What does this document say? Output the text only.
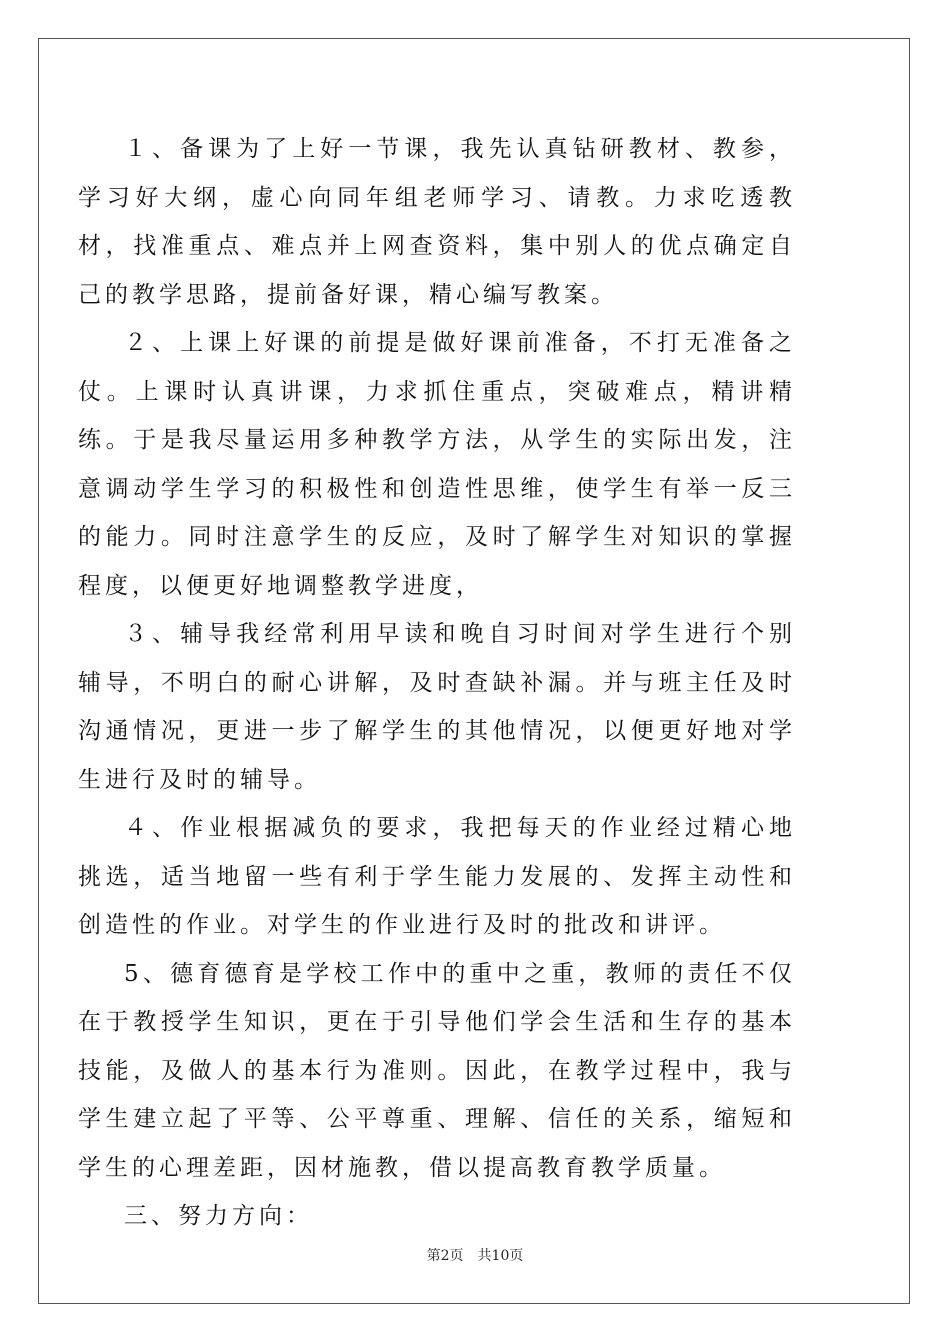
１、备课为了上好一节课，我先认真钻研教材、教参，学习好大纲，虚心向同年组老师学习、请教。力求吃透教材，找准重点、难点并上网查资料，集中别人的优点确定自己的教学思路，提前备好课，精心编写教案。

２、上课上好课的前提是做好课前准备，不打无准备之仗。上课时认真讲课，力求抓住重点，突破难点，精讲精练。于是我尽量运用多种教学方法，从学生的实际出发，注意调动学生学习的积极性和创造性思维，使学生有举一反三的能力。同时注意学生的反应，及时了解学生对知识的掌握程度，以便更好地调整教学进度，

３、辅导我经常利用早读和晚自习时间对学生进行个别辅导，不明白的耐心讲解，及时查缺补漏。并与班主任及时沟通情况，更进一步了解学生的其他情况，以便更好地对学生进行及时的辅导。

４、作业根据减负的要求，我把每天的作业经过精心地挑选，适当地留一些有利于学生能力发展的、发挥主动性和创造性的作业。对学生的作业进行及时的批改和讲评。

5、德育德育是学校工作中的重中之重，教师的责任不仅在于教授学生知识，更在于引导他们学会生活和生存的基本技能，及做人的基本行为准则。因此，在教学过程中，我与学生建立起了平等、公平尊重、理解、信任的关系，缩短和学生的心理差距，因材施教，借以提高教育教学质量。

三、努力方向：

第2页 共10页
